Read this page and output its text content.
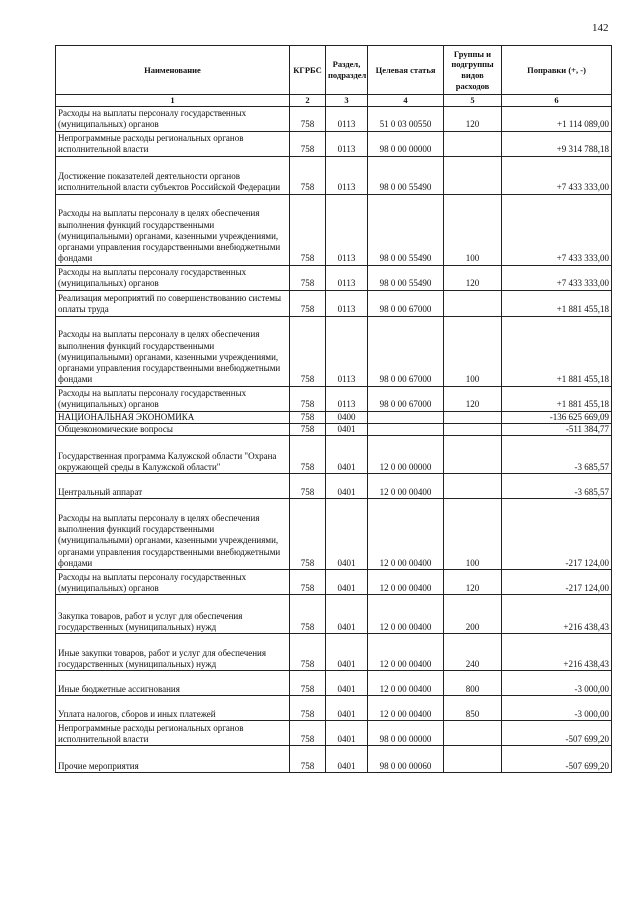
142
Наименование	КГРБС	Раздел, подраздел	Целевая статья	Группы и подгруппы видов расходов	Поправки (+, -)
1	2	3	4	5	6
Расходы на выплаты персоналу государственных (муниципальных) органов	758	0113	51 0 03 00550	120	+1 114 089,00
Непрограммные расходы региональных органов исполнительной власти	758	0113	98 0 00 00000		+9 314 788,18
Достижение показателей деятельности органов исполнительной власти субъектов Российской Федерации	758	0113	98 0 00 55490		+7 433 333,00
Расходы на выплаты персоналу в целях обеспечения выполнения функций государственными (муниципальными) органами, казенными учреждениями, органами управления государственными внебюджетными фондами	758	0113	98 0 00 55490	100	+7 433 333,00
Расходы на выплаты персоналу государственных (муниципальных) органов	758	0113	98 0 00 55490	120	+7 433 333,00
Реализация мероприятий по совершенствованию системы оплаты труда	758	0113	98 0 00 67000		+1 881 455,18
Расходы на выплаты персоналу в целях обеспечения выполнения функций государственными (муниципальными) органами, казенными учреждениями, органами управления государственными внебюджетными фондами	758	0113	98 0 00 67000	100	+1 881 455,18
Расходы на выплаты персоналу государственных (муниципальных) органов	758	0113	98 0 00 67000	120	+1 881 455,18
НАЦИОНАЛЬНАЯ ЭКОНОМИКА	758	0400			-136 625 669,09
Общеэкономические вопросы	758	0401			-511 384,77
Государственная программа Калужской области "Охрана окружающей среды в Калужской области"	758	0401	12 0 00 00000		-3 685,57
Центральный аппарат	758	0401	12 0 00 00400		-3 685,57
Расходы на выплаты персоналу в целях обеспечения выполнения функций государственными (муниципальными) органами, казенными учреждениями, органами управления государственными внебюджетными фондами	758	0401	12 0 00 00400	100	-217 124,00
Расходы на выплаты персоналу государственных (муниципальных) органов	758	0401	12 0 00 00400	120	-217 124,00
Закупка товаров, работ и услуг для обеспечения государственных (муниципальных) нужд	758	0401	12 0 00 00400	200	+216 438,43
Иные закупки товаров, работ и услуг для обеспечения государственных (муниципальных) нужд	758	0401	12 0 00 00400	240	+216 438,43
Иные бюджетные ассигнования	758	0401	12 0 00 00400	800	-3 000,00
Уплата налогов, сборов и иных платежей	758	0401	12 0 00 00400	850	-3 000,00
Непрограммные расходы региональных органов исполнительной власти	758	0401	98 0 00 00000		-507 699,20
Прочие мероприятия	758	0401	98 0 00 00060		-507 699,20
